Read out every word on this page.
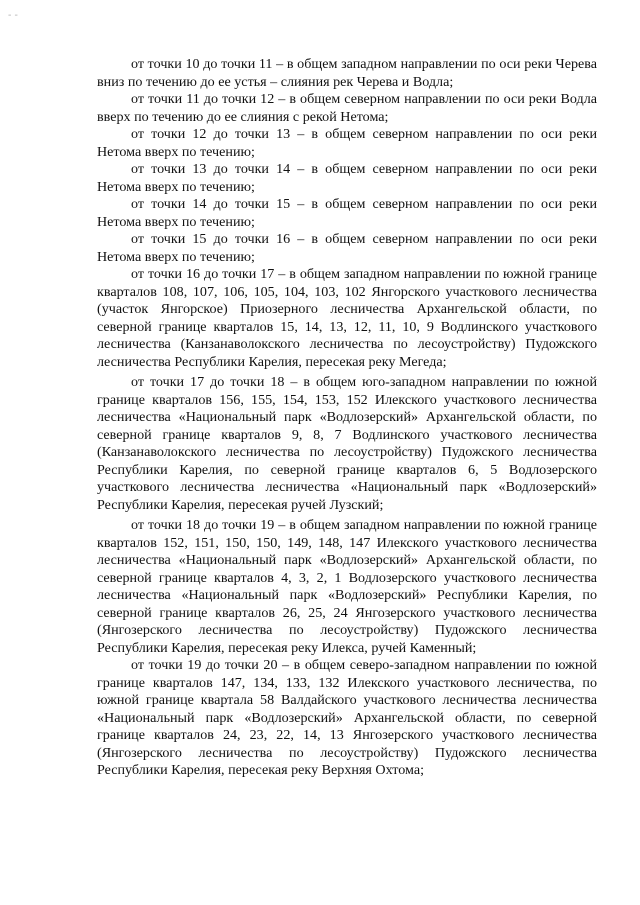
- -

от точки 10 до точки 11 – в общем западном направлении по оси реки Черева вниз по течению до ее устья – слияния рек Черева и Водла;

от точки 11 до точки 12 – в общем северном направлении по оси реки Водла вверх по течению до ее слияния с рекой Нетома;

от точки 12 до точки 13 – в общем северном направлении по оси реки Нетома вверх по течению;

от точки 13 до точки 14 – в общем северном направлении по оси реки Нетома вверх по течению;

от точки 14 до точки 15 – в общем северном направлении по оси реки Нетома вверх по течению;

от точки 15 до точки 16 – в общем северном направлении по оси реки Нетома вверх по течению;

от точки 16 до точки 17 – в общем западном направлении по южной границе кварталов 108, 107, 106, 105, 104, 103, 102 Янгорского участкового лесничества (участок Янгорское) Приозерного лесничества Архангельской области, по северной границе кварталов 15, 14, 13, 12, 11, 10, 9 Водлинского участкового лесничества (Канзанаволокского лесничества по лесоустройству) Пудожского лесничества Республики Карелия, пересекая реку Мегеда;

от точки 17 до точки 18 – в общем юго-западном направлении по южной границе кварталов 156, 155, 154, 153, 152 Илекского участкового лесничества лесничества «Национальный парк «Водлозерский» Архангельской области, по северной границе кварталов 9, 8, 7 Водлинского участкового лесничества (Канзанаволокского лесничества по лесоустройству) Пудожского лесничества Республики Карелия, по северной границе кварталов 6, 5 Водлозерского участкового лесничества лесничества «Национальный парк «Водлозерский» Республики Карелия, пересекая ручей Лузский;

от точки 18 до точки 19 – в общем западном направлении по южной границе кварталов 152, 151, 150, 150, 149, 148, 147 Илекского участкового лесничества лесничества «Национальный парк «Водлозерский» Архангельской области, по северной границе кварталов 4, 3, 2, 1 Водлозерского участкового лесничества лесничества «Национальный парк «Водлозерский» Республики Карелия, по северной границе кварталов 26, 25, 24 Янгозерского участкового лесничества (Янгозерского лесничества по лесоустройству) Пудожского лесничества Республики Карелия, пересекая реку Илекса, ручей Каменный;

от точки 19 до точки 20 – в общем северо-западном направлении по южной границе кварталов 147, 134, 133, 132 Илекского участкового лесничества, по южной границе квартала 58 Валдайского участкового лесничества лесничества «Национальный парк «Водлозерский» Архангельской области, по северной границе кварталов 24, 23, 22, 14, 13 Янгозерского участкового лесничества (Янгозерского лесничества по лесоустройству) Пудожского лесничества Республики Карелия, пересекая реку Верхняя Охтома;
